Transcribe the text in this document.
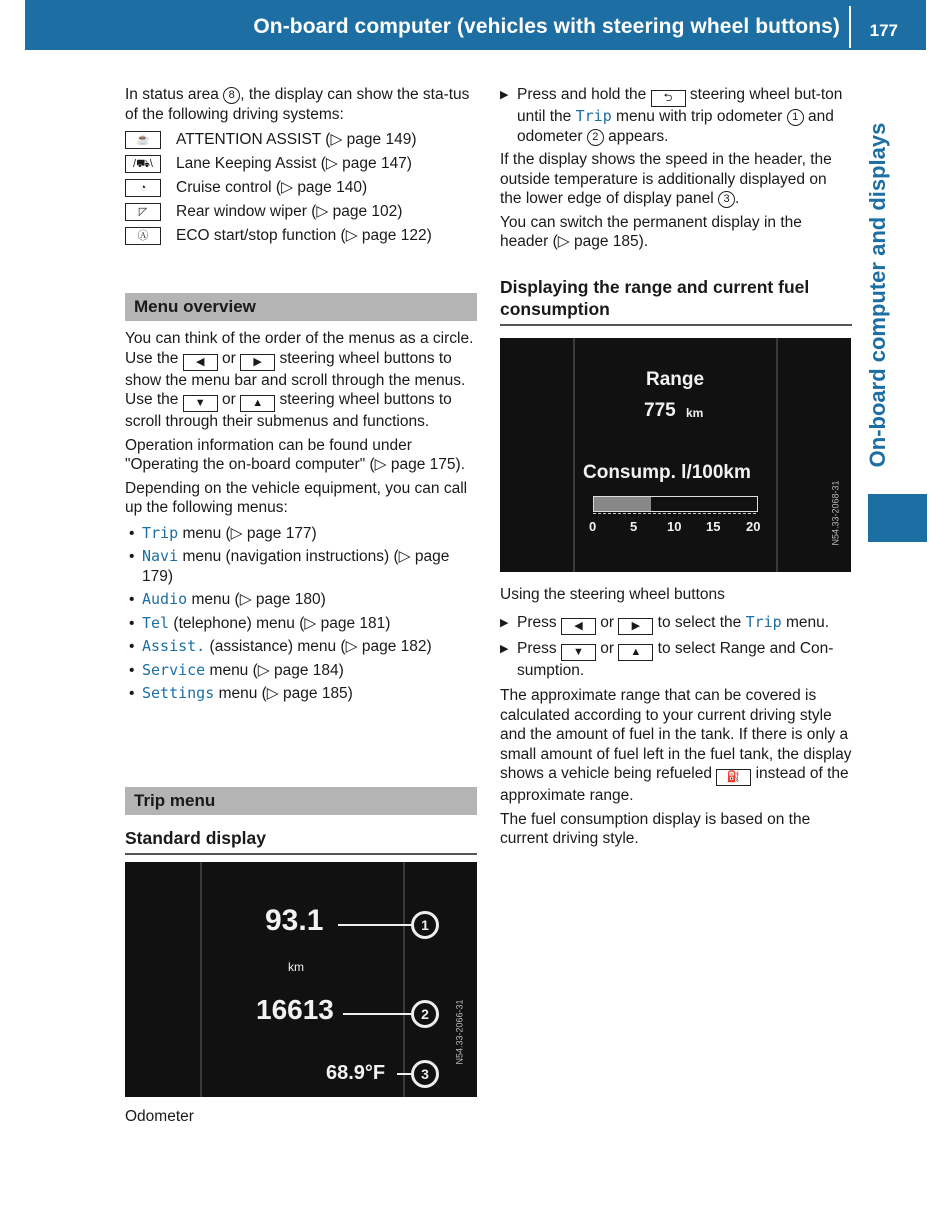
On-board computer (vehicles with steering wheel buttons) 177
On-board computer and displays

In status area 8 , the display can show the sta-tus of the following driving systems:

☕	ATTENTION ASSIST (▷ page 149)
/⛟\	Lane Keeping Assist (▷ page 147)
◔	Cruise control (▷ page 140)
◸	Rear window wiper (▷ page 102)
Ⓐ	ECO start/stop function (▷ page 122)
Menu overview

You can think of the order of the menus as a circle. Use the ◀ or ▶ steering wheel buttons to show the menu bar and scroll through the menus. Use the ▼ or ▲ steering wheel buttons to scroll through their submenus and functions.

Operation information can be found under "Operating the on-board computer" (▷ page 175).

Depending on the vehicle equipment, you can call up the following menus:

• Trip menu (▷ page 177)
• Navi menu (navigation instructions) (▷ page 179)
• Audio menu (▷ page 180)
• Tel (telephone) menu (▷ page 181)
• Assist. (assistance) menu (▷ page 182)
• Service menu (▷ page 184)
• Settings menu (▷ page 185)
Trip menu
Standard display
93.1
km
16613
68.9°F
1
2
3
N54.33-2066-31
Odometer
▶ Press and hold the ⮌ steering wheel but-ton until the Trip menu with trip odometer 1 and odometer 2 appears.

If the display shows the speed in the header, the outside temperature is additionally displayed on the lower edge of display panel 3 .

You can switch the permanent display in the header (▷ page 185).

Displaying the range and current fuel consumption
Range
775 km
Consump. l/100km
0	5 10 15 20	N54.33-2068-31

Using the steering wheel buttons

▶ Press ◀ or ▶ to select the Trip menu.
▶ Press ▼ or ▲ to select Range and Con-sumption.

The approximate range that can be covered is calculated according to your current driving style and the amount of fuel in the tank. If there is only a small amount of fuel left in the fuel tank, the display shows a vehicle being refueled ⛽ instead of the approximate range.

The fuel consumption display is based on the current driving style.
